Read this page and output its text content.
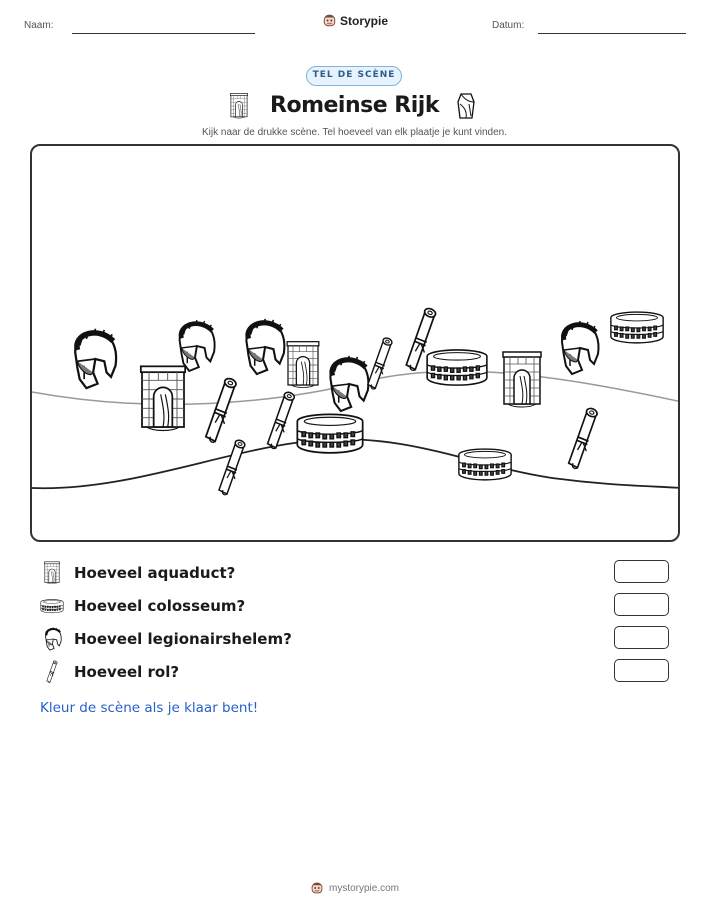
Naam:	Storypie	Datum:
TEL DE SCÈNE
Romeinse Rijk
Kijk naar de drukke scène. Tel hoeveel van elk plaatje je kunt vinden.
Hoeveel aquaduct?
Hoeveel colosseum?
Hoeveel legionairshelem?
Hoeveel rol?
Kleur de scène als je klaar bent!
mystorypie.com
